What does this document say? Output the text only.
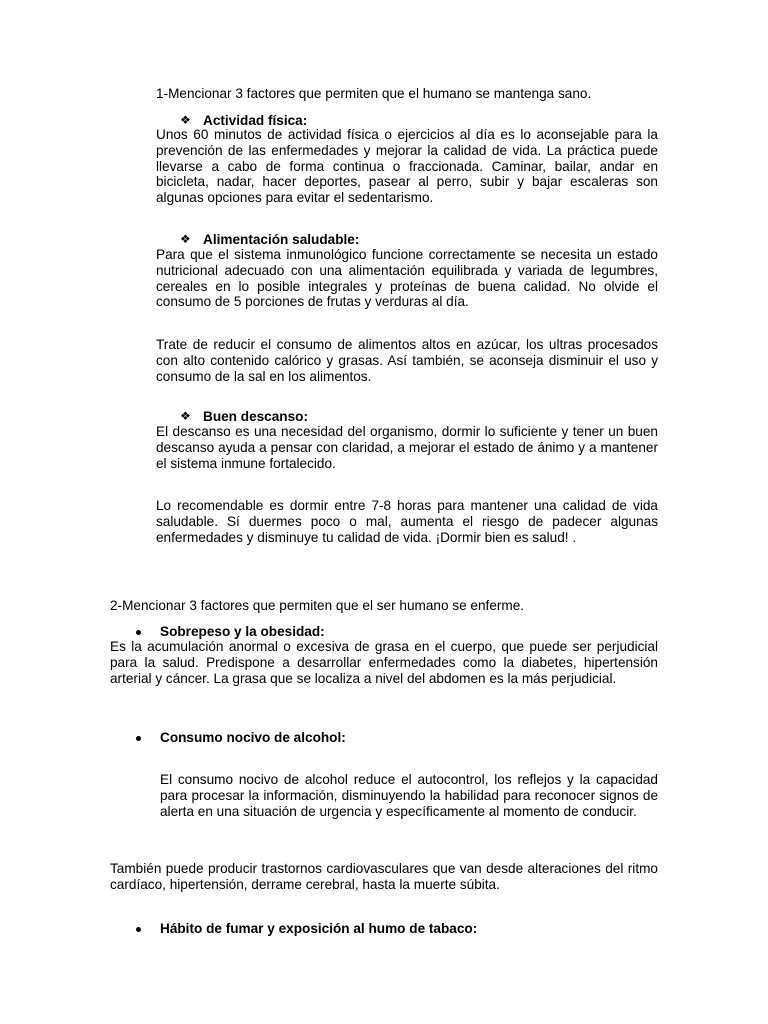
1-Mencionar 3 factores que permiten que el humano se mantenga sano.
❖ Actividad física:

Unos 60 minutos de actividad física o ejercicios al día es lo aconsejable para la prevención de las enfermedades y mejorar la calidad de vida. La práctica puede llevarse a cabo de forma continua o fraccionada. Caminar, bailar, andar en bicicleta, nadar, hacer deportes, pasear al perro, subir y bajar escaleras son algunas opciones para evitar el sedentarismo.

❖ Alimentación saludable:

Para que el sistema inmunológico funcione correctamente se necesita un estado nutricional adecuado con una alimentación equilibrada y variada de legumbres, cereales en lo posible integrales y proteínas de buena calidad. No olvide el consumo de 5 porciones de frutas y verduras al día.

Trate de reducir el consumo de alimentos altos en azúcar, los ultras procesados con alto contenido calórico y grasas. Así también, se aconseja disminuir el uso y consumo de la sal en los alimentos.

❖ Buen descanso:

El descanso es una necesidad del organismo, dormir lo suficiente y tener un buen descanso ayuda a pensar con claridad, a mejorar el estado de ánimo y a mantener el sistema inmune fortalecido.

Lo recomendable es dormir entre 7-8 horas para mantener una calidad de vida saludable. Sí duermes poco o mal, aumenta el riesgo de padecer algunas enfermedades y disminuye tu calidad de vida. ¡Dormir bien es salud! .

2-Mencionar 3 factores que permiten que el ser humano se enferme.
Sobrepeso y la obesidad:

Es la acumulación anormal o excesiva de grasa en el cuerpo, que puede ser perjudicial para la salud. Predispone a desarrollar enfermedades como la diabetes, hipertensión arterial y cáncer. La grasa que se localiza a nivel del abdomen es la más perjudicial.

Consumo nocivo de alcohol:

El consumo nocivo de alcohol reduce el autocontrol, los reflejos y la capacidad para procesar la información, disminuyendo la habilidad para reconocer signos de alerta en una situación de urgencia y específicamente al momento de conducir.

También puede producir trastornos cardiovasculares que van desde alteraciones del ritmo cardíaco, hipertensión, derrame cerebral, hasta la muerte súbita.

Hábito de fumar y exposición al humo de tabaco:
